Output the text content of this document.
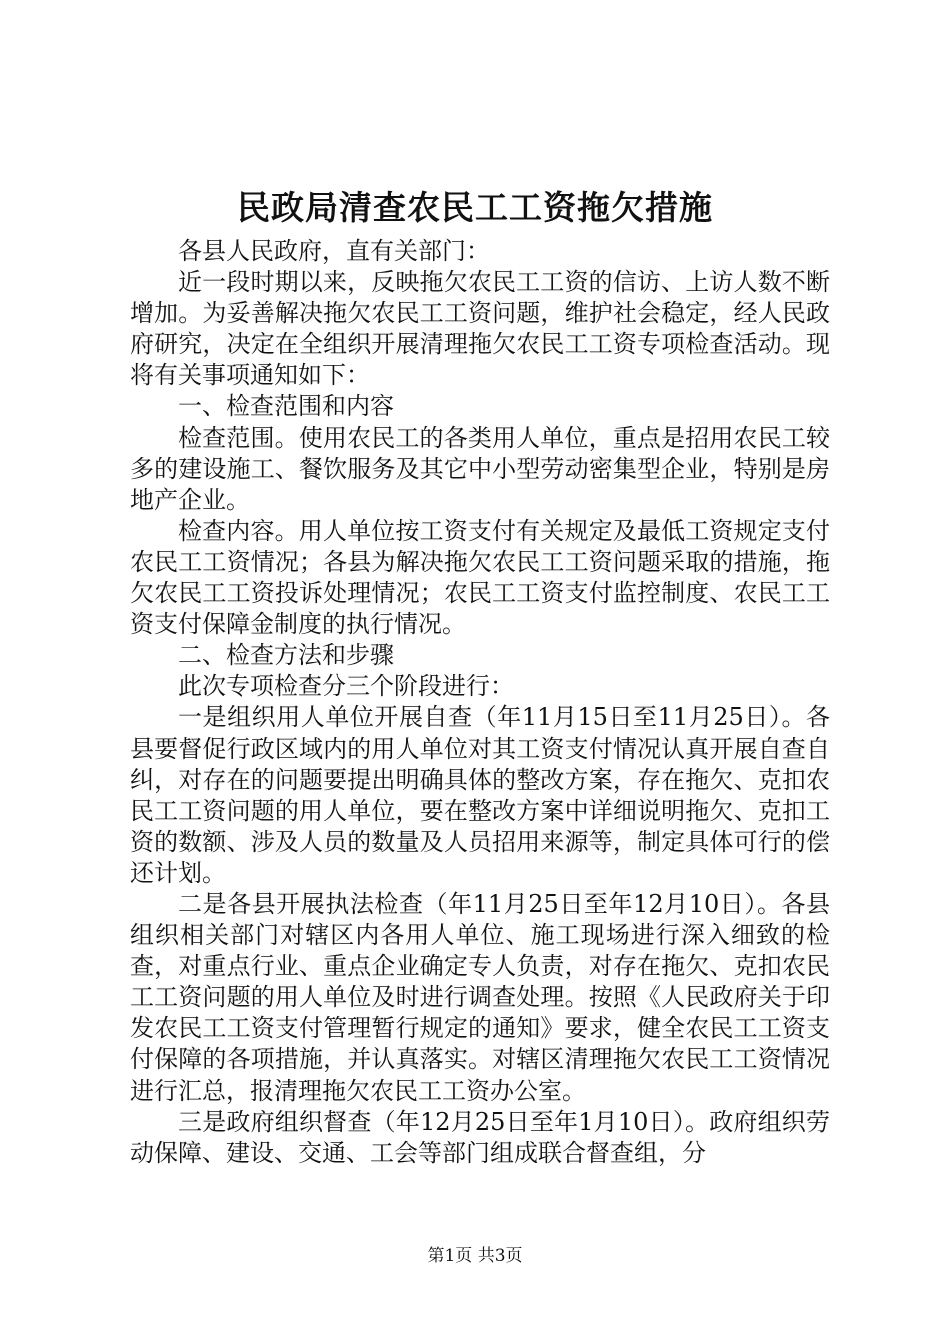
民政局清查农民工工资拖欠措施

各县人民政府，直有关部门：

近一段时期以来，反映拖欠农民工工资的信访、上访人数不断增加。为妥善解决拖欠农民工工资问题，维护社会稳定，经人民政府研究，决定在全组织开展清理拖欠农民工工资专项检查活动。现将有关事项通知如下：

一、检查范围和内容

检查范围。使用农民工的各类用人单位，重点是招用农民工较多的建设施工、餐饮服务及其它中小型劳动密集型企业，特别是房地产企业。

检查内容。用人单位按工资支付有关规定及最低工资规定支付农民工工资情况；各县为解决拖欠农民工工资问题采取的措施，拖欠农民工工资投诉处理情况；农民工工资支付监控制度、农民工工资支付保障金制度的执行情况。

二、检查方法和步骤

此次专项检查分三个阶段进行：

一是组织用人单位开展自查（年11月15日至11月25日）。各县要督促行政区域内的用人单位对其工资支付情况认真开展自查自纠，对存在的问题要提出明确具体的整改方案，存在拖欠、克扣农民工工资问题的用人单位，要在整改方案中详细说明拖欠、克扣工资的数额、涉及人员的数量及人员招用来源等，制定具体可行的偿还计划。

二是各县开展执法检查（年11月25日至年12月10日）。各县组织相关部门对辖区内各用人单位、施工现场进行深入细致的检查，对重点行业、重点企业确定专人负责，对存在拖欠、克扣农民工工资问题的用人单位及时进行调查处理。按照《人民政府关于印发农民工工资支付管理暂行规定的通知》要求，健全农民工工资支付保障的各项措施，并认真落实。对辖区清理拖欠农民工工资情况进行汇总，报清理拖欠农民工工资办公室。

三是政府组织督查（年12月25日至年1月10日）。政府组织劳动保障、建设、交通、工会等部门组成联合督查组，分

第1页 共3页
